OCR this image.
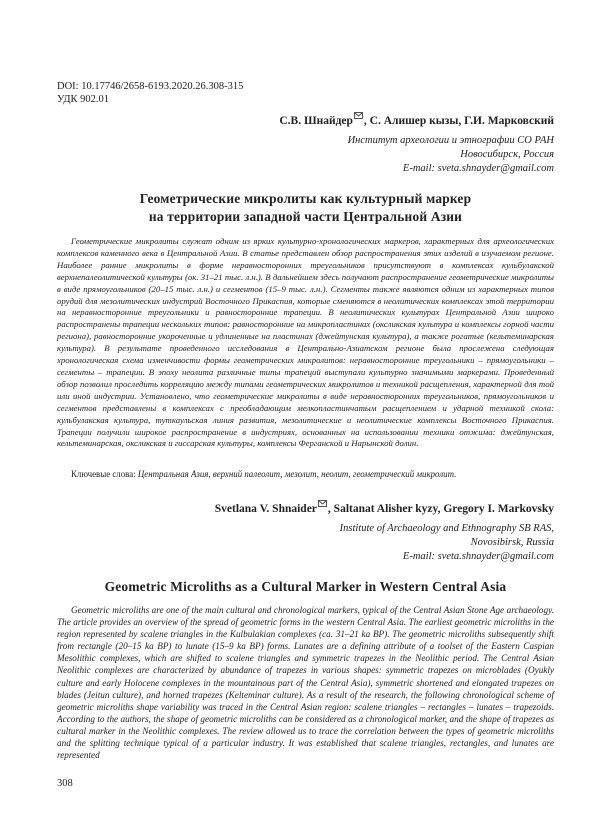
DOI: 10.17746/2658-6193.2020.26.308-315
УДК 902.01
С.В. Шнайдер , С. Алишер кызы, Г.И. Марковский
Институт археологии и этнографии СО РАН
Новосибирск, Россия
E-mail: sveta.shnayder@gmail.com
Геометрические микролиты как культурный маркер
на территории западной части Центральной Азии

Геометрические микролиты служат одним из ярких культурно-хронологических маркеров, характерных для археологических комплексов каменного века в Центральной Азии. В статье представлен обзор распространения этих изделий в изучаемом регионе. Наиболее ранние микролиты в форме неравносторонних треугольников присутствуют в комплексах кульбулакской верхнепалеолитической культуры (ок. 31–21 тыс. л.н.). В дальнейшем здесь получают распространение геометрические микролиты в виде прямоугольников (20–15 тыс. л.н.) и сегментов (15–9 тыс. л.н.). Сегменты также являются одним из характерных типов орудий для мезолитических индустрий Восточного Прикаспия, которые сменяются в неолитических комплексах этой территории на неравносторонние треугольники и равносторонние трапеции. В неолитических культурах Центральной Азии широко распространены трапеции нескольких типов: равносторонние на микропластинах (оксликская культура и комплексы горной части региона), равносторонние укороченные и удлиненные на пластинах (джейтунская культура), а также рогатые (кельтеминарская культура). В результате проведенного исследования в Центрально-Азиатском регионе была прослежена следующая хронологическая схема изменчивости формы геометрических микролитов: неравносторонние треугольники – прямоугольники – сегменты – трапеции. В эпоху неолита различные типы трапеций выступали культурно значимыми маркерами. Проведенный обзор позволил проследить корреляцию между типами геометрических микролитов и техникой расщепления, характерной для той или иной индустрии. Установлено, что геометрические микролиты в виде неравносторонних треугольников, прямоугольников и сегментов представлены в комплексах с преобладающим мелкопластинчатым расщеплением и ударной техникой скола: кульбулакская культура, туткаульская линия развития, мезолитические и неолитические комплексы Восточного Прикаспия. Трапеции получили широкое распространение в индустриях, основанных на использовании техники отжима: джейтунская, кельтеминарская, оксликская и гиссарская культуры, комплексы Ферганской и Нарынской долин.

Ключевые слова: Центральная Азия, верхний палеолит, мезолит, неолит, геометрический микролит.
Svetlana V. Shnaider , Saltanat Alisher kyzy, Gregory I. Markovsky
Institute of Archaeology and Ethnography SB RAS,
Novosibirsk, Russia
E-mail: sveta.shnayder@gmail.com
Geometric Microliths as a Cultural Marker in Western Central Asia

Geometric microliths are one of the main cultural and chronological markers, typical of the Central Asian Stone Age archaeology. The article provides an overview of the spread of geometric forms in the western Central Asia. The earliest geometric microliths in the region represented by scalene triangles in the Kulbulakian complexes (ca. 31–21 ka BP). The geometric microliths subsequently shift from rectangle (20–15 ka BP) to lunate (15–9 ka BP) forms. Lunates are a defining attribute of a toolset of the Eastern Caspian Mesolithic complexes, which are shifted to scalene triangles and symmetric trapezes in the Neolithic period. The Central Asian Neolithic complexes are characterized by abundance of trapezes in various shapes: symmetric trapezes on microblades (Oyukly culture and early Holocene complexes in the mountainous part of the Central Asia), symmetric shortened and elongated trapezes on blades (Jeitun culture), and horned trapezes (Kelteminar culture). As a result of the research, the following chronological scheme of geometric microliths shape variability was traced in the Central Asian region: scalene triangles – rectangles – lunates – trapezoids. According to the authors, the shape of geometric microliths can be considered as a chronological marker, and the shape of trapezes as cultural marker in the Neolithic complexes. The review allowed us to trace the correlation between the types of geometric microliths and the splitting technique typical of a particular industry. It was established that scalene triangles, rectangles, and lunates are represented

308
